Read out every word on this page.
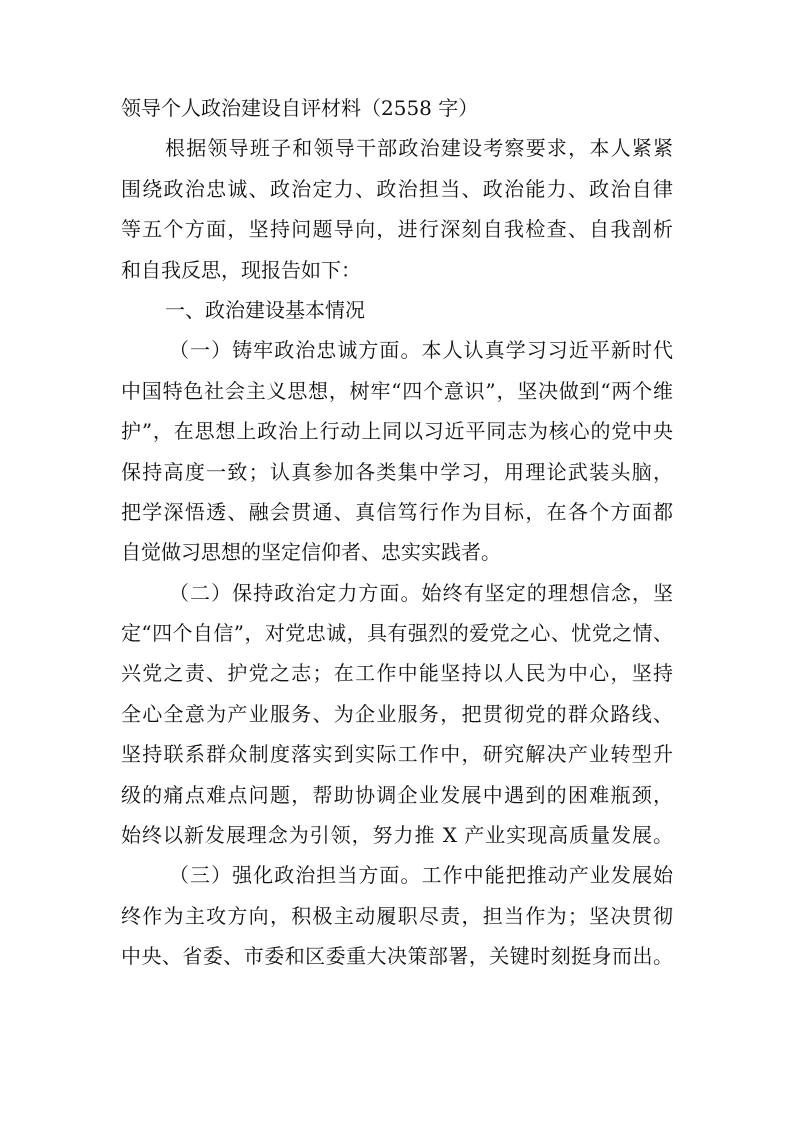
领导个人政治建设自评材料（2558 字）
根据领导班子和领导干部政治建设考察要求，本人紧紧
围绕政治忠诚、政治定力、政治担当、政治能力、政治自律
等五个方面，坚持问题导向，进行深刻自我检查、自我剖析
和自我反思，现报告如下：
一、政治建设基本情况
（一）铸牢政治忠诚方面。本人认真学习习近平新时代
中国特色社会主义思想，树牢“四个意识”，坚决做到“两个维
护”，在思想上政治上行动上同以习近平同志为核心的党中央
保持高度一致；认真参加各类集中学习，用理论武装头脑，
把学深悟透、融会贯通、真信笃行作为目标，在各个方面都
自觉做习思想的坚定信仰者、忠实实践者。
（二）保持政治定力方面。始终有坚定的理想信念，坚
定“四个自信”，对党忠诚，具有强烈的爱党之心、忧党之情、
兴党之责、护党之志；在工作中能坚持以人民为中心，坚持
全心全意为产业服务、为企业服务，把贯彻党的群众路线、
坚持联系群众制度落实到实际工作中，研究解决产业转型升
级的痛点难点问题，帮助协调企业发展中遇到的困难瓶颈，
始终以新发展理念为引领，努力推 X 产业实现高质量发展。
（三）强化政治担当方面。工作中能把推动产业发展始
终作为主攻方向，积极主动履职尽责，担当作为；坚决贯彻
中央、省委、市委和区委重大决策部署，关键时刻挺身而出。
